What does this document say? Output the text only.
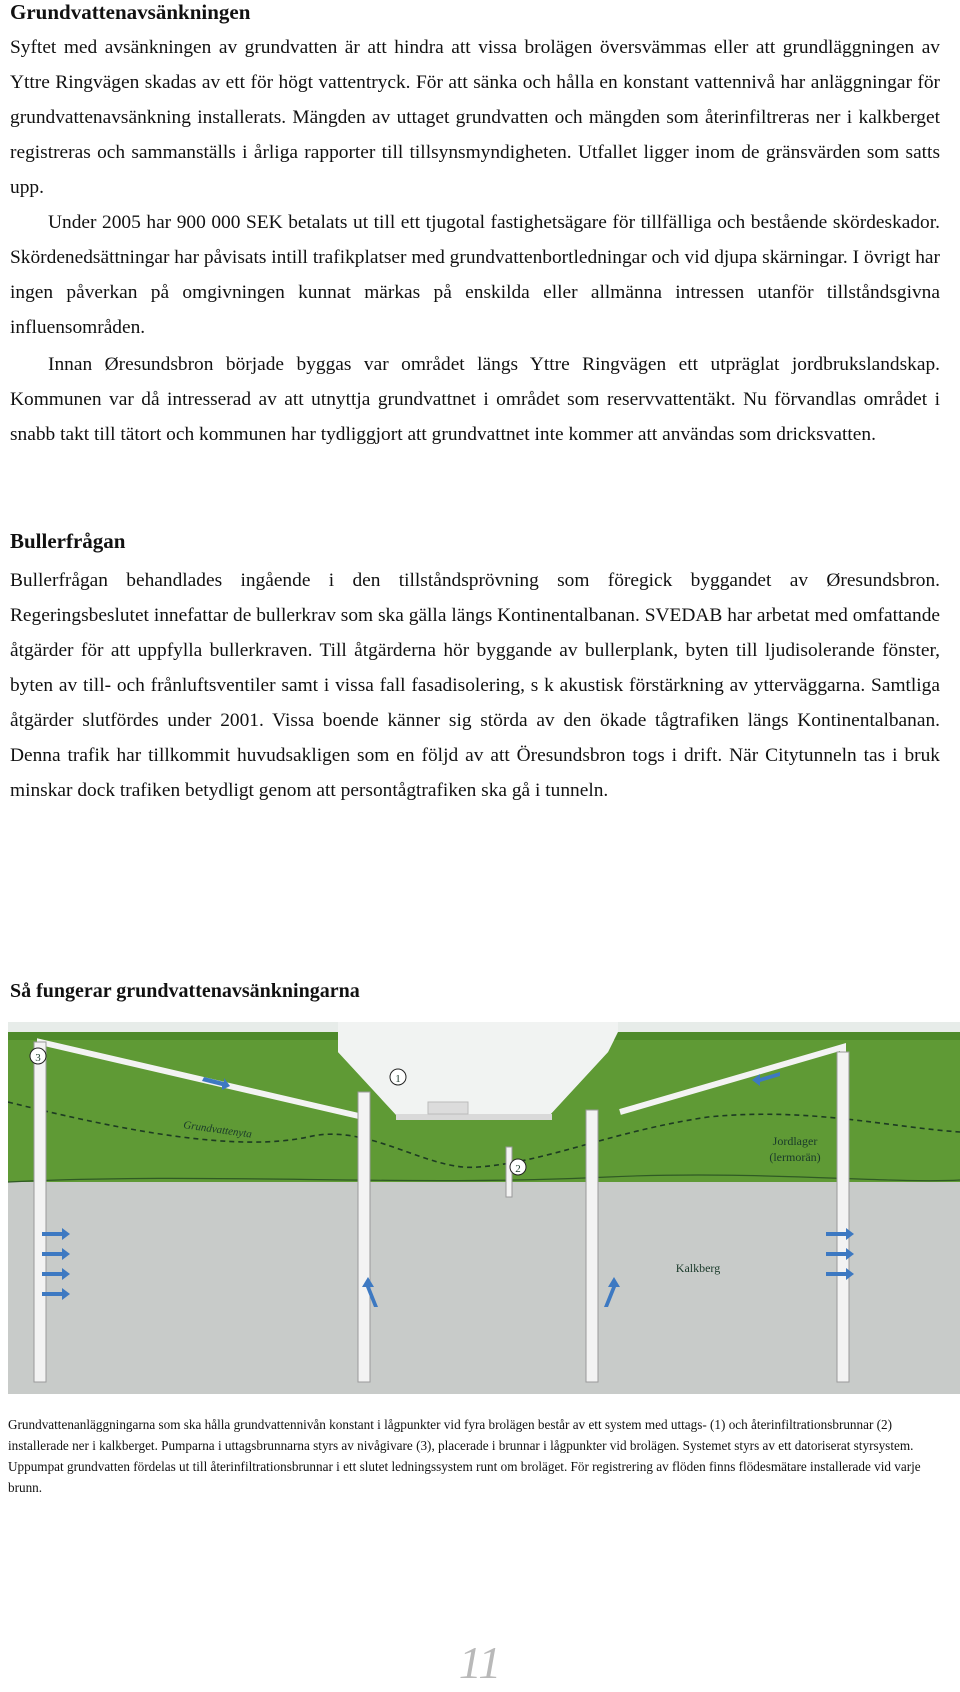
Grundvattenavsänkningen

Syftet med avsänkningen av grundvatten är att hindra att vissa brolägen översvämmas eller att grundläggningen av Yttre Ringvägen skadas av ett för högt vattentryck. För att sänka och hålla en konstant vattennivå har anläggningar för grundvattenavsänkning installerats. Mängden av uttaget grundvatten och mängden som återinfiltreras ner i kalkberget registreras och sammanställs i årliga rapporter till tillsynsmyndigheten. Utfallet ligger inom de gränsvärden som satts upp.

Under 2005 har 900 000 SEK betalats ut till ett tjugotal fastighetsägare för tillfälliga och bestående skördeskador. Skördenedsättningar har påvisats intill trafikplatser med grundvattenbortledningar och vid djupa skärningar. I övrigt har ingen påverkan på omgivningen kunnat märkas på enskilda eller allmänna intressen utanför tillståndsgivna influensområden.

Innan Øresundsbron började byggas var området längs Yttre Ringvägen ett utpräglat jordbrukslandskap. Kommunen var då intresserad av att utnyttja grundvattnet i området som reservvattentäkt. Nu förvandlas området i snabb takt till tätort och kommunen har tydliggjort att grundvattnet inte kommer att användas som dricksvatten.

Bullerfrågan

Bullerfrågan behandlades ingående i den tillståndsprövning som föregick byggandet av Øresundsbron. Regeringsbeslutet innefattar de bullerkrav som ska gälla längs Kontinentalbanan. SVEDAB har arbetat med omfattande åtgärder för att uppfylla bullerkraven. Till åtgärderna hör byggande av bullerplank, byten till ljudisolerande fönster, byten av till- och frånluftsventiler samt i vissa fall fasadisolering, s k akustisk förstärkning av ytterväggarna. Samtliga åtgärder slutfördes under 2001. Vissa boende känner sig störda av den ökade tågtrafiken längs Kontinentalbanan. Denna trafik har tillkommit huvudsakligen som en följd av att Öresundsbron togs i drift. När Citytunneln tas i bruk minskar dock trafiken betydligt genom att persontågtrafiken ska gå i tunneln.

Så fungerar grundvattenavsänkningarna
3
1
2
Grundvattenyta
Jordlager
(lermorän)
Kalkberg

Grundvattenanläggningarna som ska hålla grundvattennivån konstant i lågpunkter vid fyra brolägen består av ett system med uttags- (1) och återinfiltrationsbrunnar (2) installerade ner i kalkberget. Pumparna i uttagsbrunnarna styrs av nivågivare (3), placerade i brunnar i lågpunkter vid brolägen. Systemet styrs av ett datoriserat styrsystem. Uppumpat grundvatten fördelas ut till återinfiltrationsbrunnar i ett slutet ledningssystem runt om broläget. För registrering av flöden finns flödesmätare installerade vid varje brunn.

11
